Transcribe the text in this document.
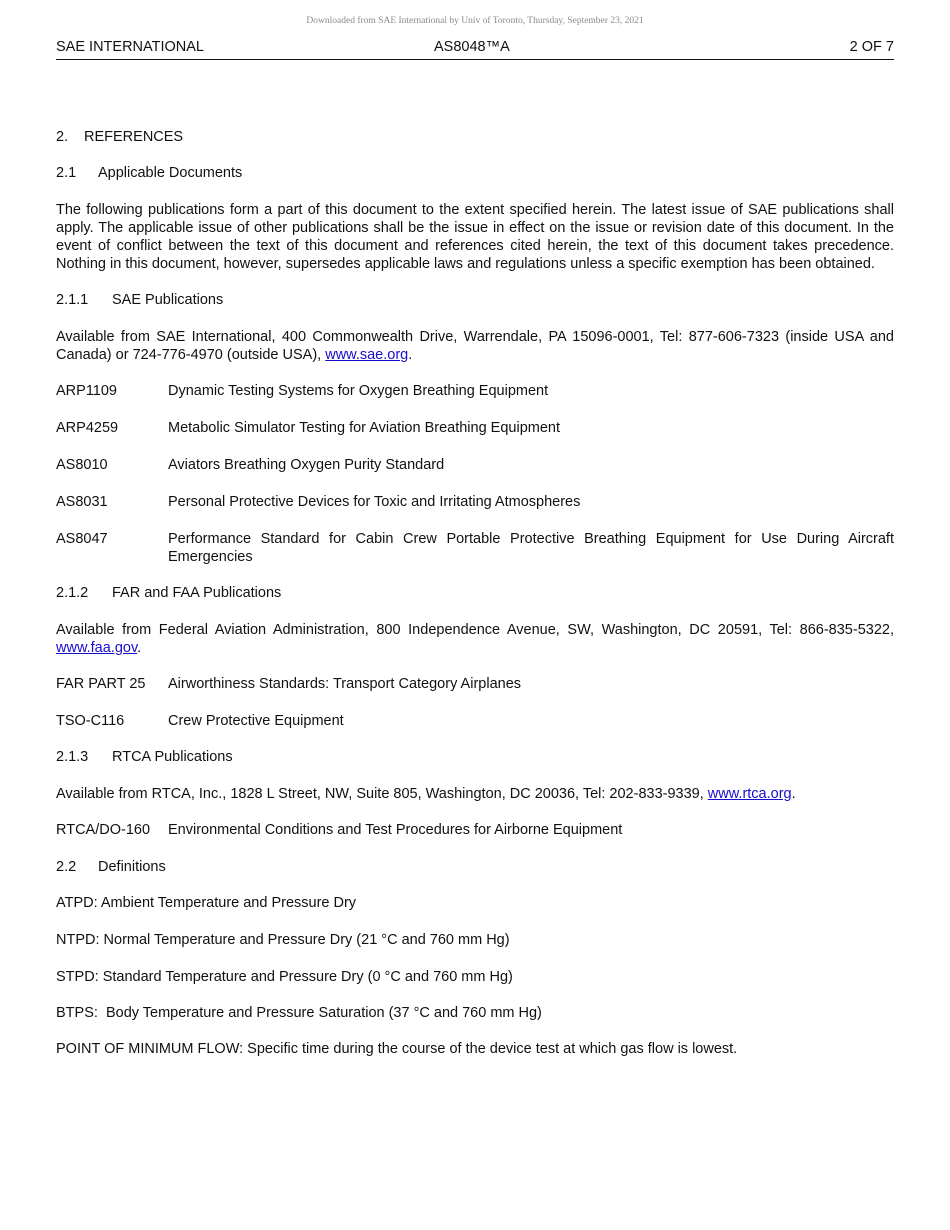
Downloaded from SAE International by Univ of Toronto, Thursday, September 23, 2021
SAE INTERNATIONAL	AS8048™A	2 OF 7
2.	REFERENCES
2.1	Applicable Documents

The following publications form a part of this document to the extent specified herein. The latest issue of SAE publications shall apply. The applicable issue of other publications shall be the issue in effect on the issue or revision date of this document. In the event of conflict between the text of this document and references cited herein, the text of this document takes precedence. Nothing in this document, however, supersedes applicable laws and regulations unless a specific exemption has been obtained.

2.1.1	SAE Publications

Available from SAE International, 400 Commonwealth Drive, Warrendale, PA 15096-0001, Tel: 877-606-7323 (inside USA and Canada) or 724-776-4970 (outside USA), www.sae.org.

ARP1109	Dynamic Testing Systems for Oxygen Breathing Equipment
ARP4259	Metabolic Simulator Testing for Aviation Breathing Equipment
AS8010	Aviators Breathing Oxygen Purity Standard
AS8031	Personal Protective Devices for Toxic and Irritating Atmospheres
AS8047	Performance Standard for Cabin Crew Portable Protective Breathing Equipment for Use During Aircraft Emergencies
2.1.2	FAR and FAA Publications

Available from Federal Aviation Administration, 800 Independence Avenue, SW, Washington, DC 20591, Tel: 866-835-5322, www.faa.gov.

FAR PART 25	Airworthiness Standards: Transport Category Airplanes
TSO-C116	Crew Protective Equipment
2.1.3	RTCA Publications

Available from RTCA, Inc., 1828 L Street, NW, Suite 805, Washington, DC 20036, Tel: 202-833-9339, www.rtca.org.

RTCA/DO-160	Environmental Conditions and Test Procedures for Airborne Equipment
2.2	Definitions

ATPD: Ambient Temperature and Pressure Dry

NTPD: Normal Temperature and Pressure Dry (21 °C and 760 mm Hg)

STPD: Standard Temperature and Pressure Dry (0 °C and 760 mm Hg)

BTPS:  Body Temperature and Pressure Saturation (37 °C and 760 mm Hg)

POINT OF MINIMUM FLOW: Specific time during the course of the device test at which gas flow is lowest.
